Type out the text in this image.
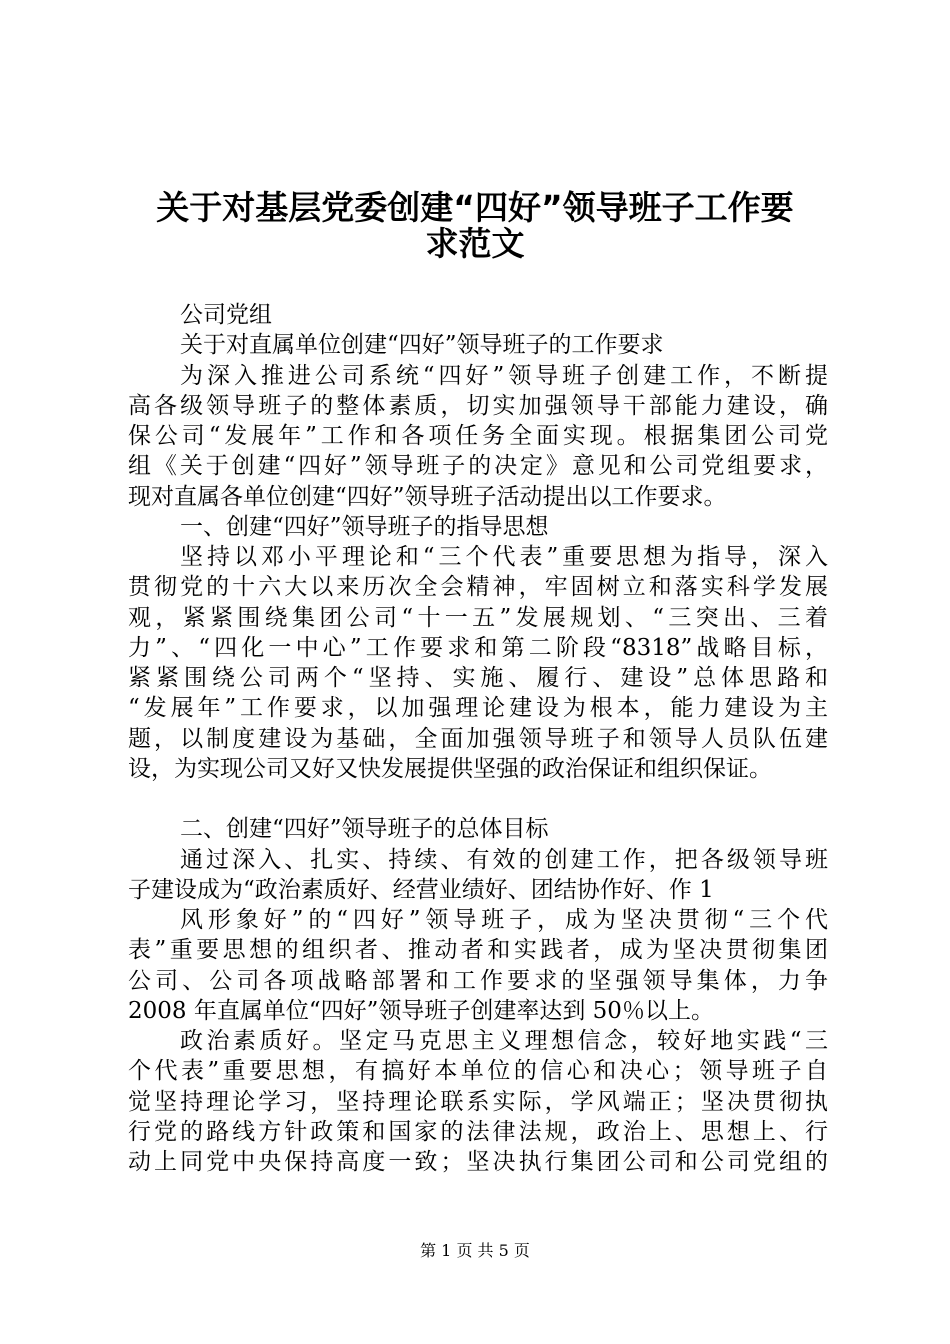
关于对基层党委创建“四好”领导班子工作要
求范文
公司党组
关于对直属单位创建“四好”领导班子的工作要求
为深入推进公司系统“四好”领导班子创建工作，不断提
高各级领导班子的整体素质，切实加强领导干部能力建设，确
保公司“发展年”工作和各项任务全面实现。根据集团公司党
组《关于创建“四好”领导班子的决定》意见和公司党组要求，
现对直属各单位创建“四好”领导班子活动提出以工作要求。
一、创建“四好”领导班子的指导思想
坚持以邓小平理论和“三个代表”重要思想为指导，深入
贯彻党的十六大以来历次全会精神，牢固树立和落实科学发展
观，紧紧围绕集团公司“十一五”发展规划、“三突出、三着
力”、“四化一中心”工作要求和第二阶段“8318”战略目标，
紧紧围绕公司两个“坚持、实施、履行、建设”总体思路和
“发展年”工作要求，以加强理论建设为根本，能力建设为主
题，以制度建设为基础，全面加强领导班子和领导人员队伍建
设，为实现公司又好又快发展提供坚强的政治保证和组织保证。
二、创建“四好”领导班子的总体目标
通过深入、扎实、持续、有效的创建工作，把各级领导班
子建设成为“政治素质好、经营业绩好、团结协作好、作 1
风形象好”的“四好”领导班子，成为坚决贯彻“三个代
表”重要思想的组织者、推动者和实践者，成为坚决贯彻集团
公司、公司各项战略部署和工作要求的坚强领导集体，力争
2008 年直属单位“四好”领导班子创建率达到 50％以上。
政治素质好。坚定马克思主义理想信念，较好地实践“三
个代表”重要思想，有搞好本单位的信心和决心；领导班子自
觉坚持理论学习，坚持理论联系实际，学风端正；坚决贯彻执
行党的路线方针政策和国家的法律法规，政治上、思想上、行
动上同党中央保持高度一致；坚决执行集团公司和公司党组的
第 1 页 共 5 页
